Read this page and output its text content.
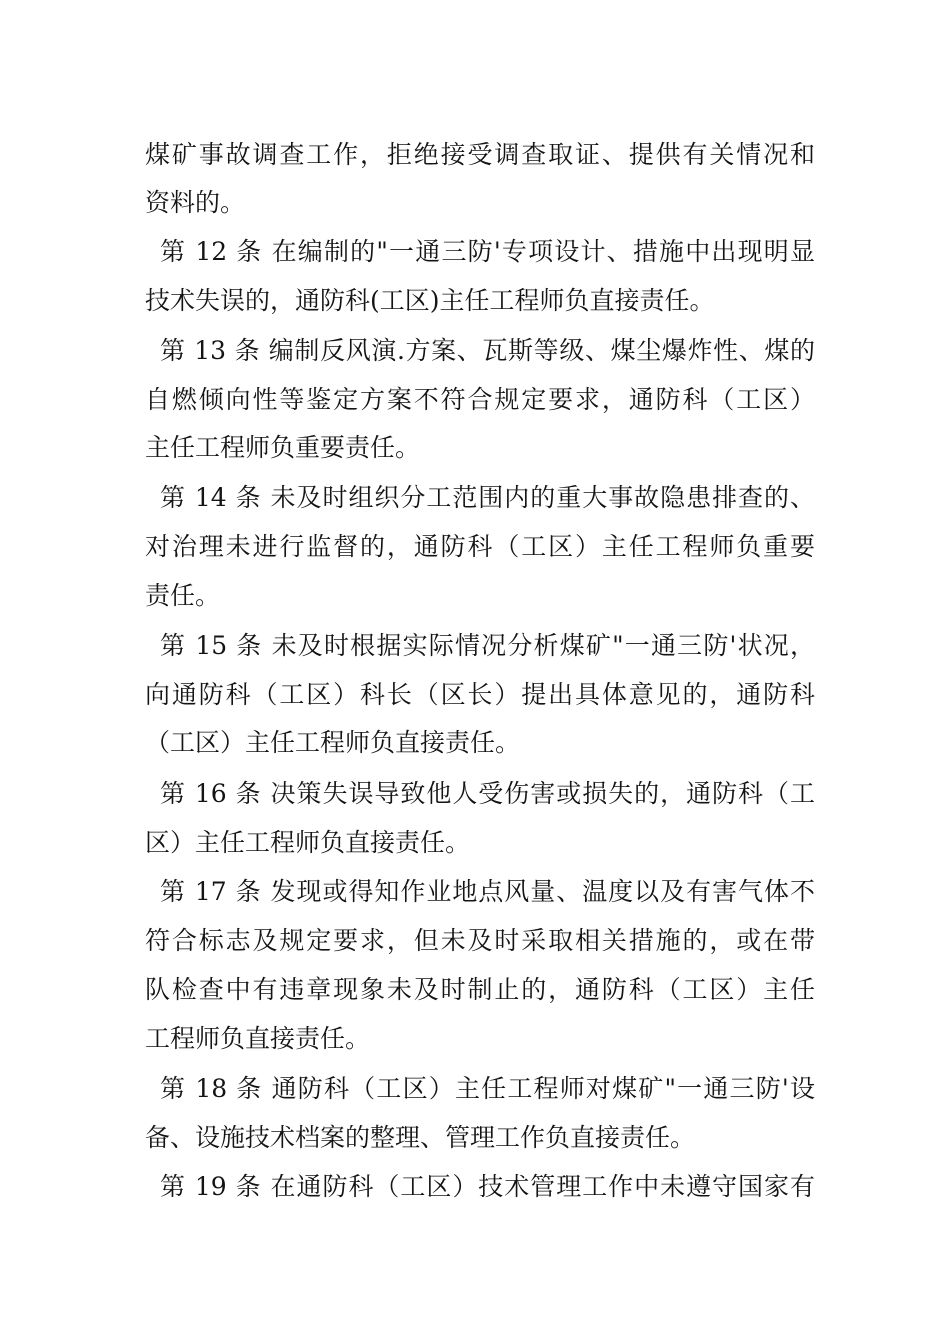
煤矿事故调查工作，拒绝接受调查取证、提供有关情况和
资料的。
第 12 条 在编制的"一通三防'专项设计、措施中出现明显
技术失误的，通防科(工区)主任工程师负直接责任。
第 13 条 编制反风演.方案、瓦斯等级、煤尘爆炸性、煤的
自燃倾向性等鉴定方案不符合规定要求，通防科（工区）
主任工程师负重要责任。
第 14 条 未及时组织分工范围内的重大事故隐患排查的、
对治理未进行监督的，通防科（工区）主任工程师负重要
责任。
第 15 条 未及时根据实际情况分析煤矿"一通三防'状况，
向通防科（工区）科长（区长）提出具体意见的，通防科
（工区）主任工程师负直接责任。
第 16 条 决策失误导致他人受伤害或损失的，通防科（工
区）主任工程师负直接责任。
第 17 条 发现或得知作业地点风量、温度以及有害气体不
符合标志及规定要求，但未及时采取相关措施的，或在带
队检查中有违章现象未及时制止的，通防科（工区）主任
工程师负直接责任。
第 18 条 通防科（工区）主任工程师对煤矿"一通三防'设
备、设施技术档案的整理、管理工作负直接责任。
第 19 条 在通防科（工区）技术管理工作中未遵守国家有
